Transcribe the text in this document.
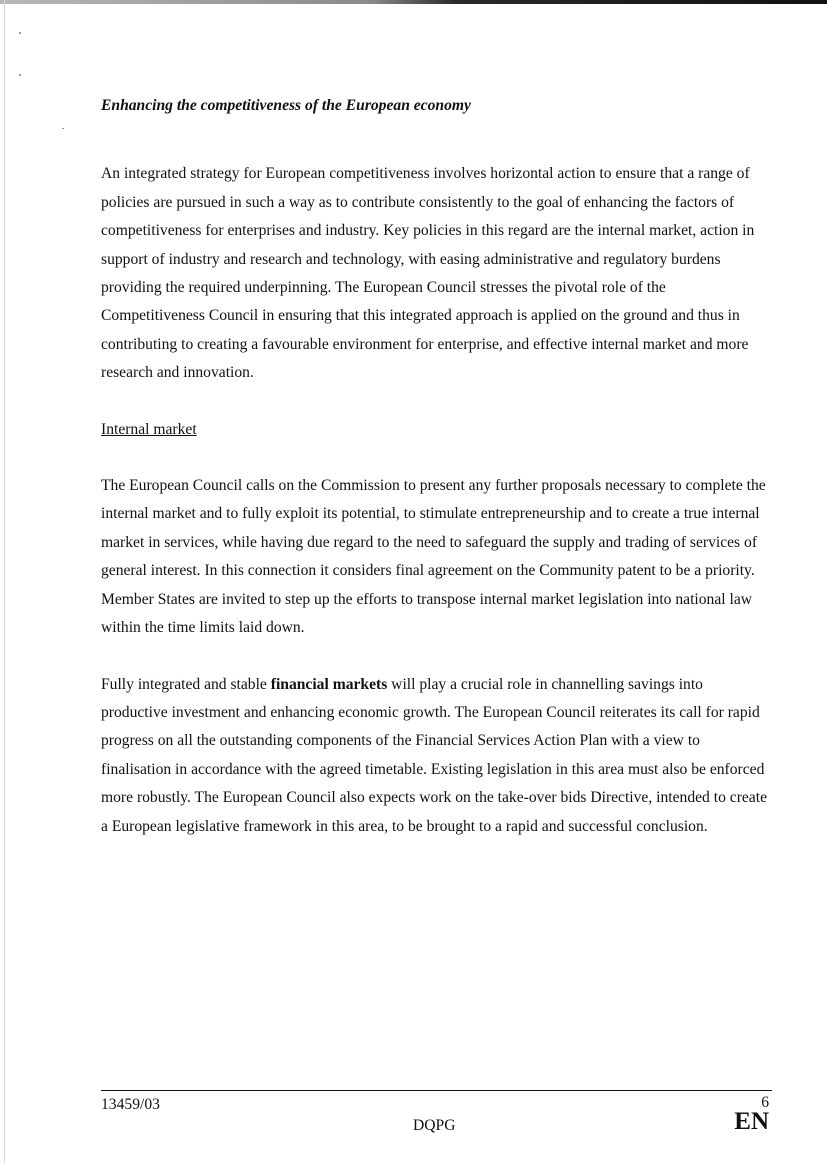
Enhancing the competitiveness of the European economy

An integrated strategy for European competitiveness involves horizontal action to ensure that a range of policies are pursued in such a way as to contribute consistently to the goal of enhancing the factors of competitiveness for enterprises and industry. Key policies in this regard are the internal market, action in support of industry and research and technology, with easing administrative and regulatory burdens providing the required underpinning. The European Council stresses the pivotal role of the Competitiveness Council in ensuring that this integrated approach is applied on the ground and thus in contributing to creating a favourable environment for enterprise, and effective internal market and more research and innovation.

Internal market

The European Council calls on the Commission to present any further proposals necessary to complete the internal market and to fully exploit its potential, to stimulate entrepreneurship and to create a true internal market in services, while having due regard to the need to safeguard the supply and trading of services of general interest. In this connection it considers final agreement on the Community patent to be a priority. Member States are invited to step up the efforts to transpose internal market legislation into national law within the time limits laid down.

Fully integrated and stable financial markets will play a crucial role in channelling savings into productive investment and enhancing economic growth. The European Council reiterates its call for rapid progress on all the outstanding components of the Financial Services Action Plan with a view to finalisation in accordance with the agreed timetable. Existing legislation in this area must also be enforced more robustly. The European Council also expects work on the take-over bids Directive, intended to create a European legislative framework in this area, to be brought to a rapid and successful conclusion.

13459/03	6
DQPG	EN
